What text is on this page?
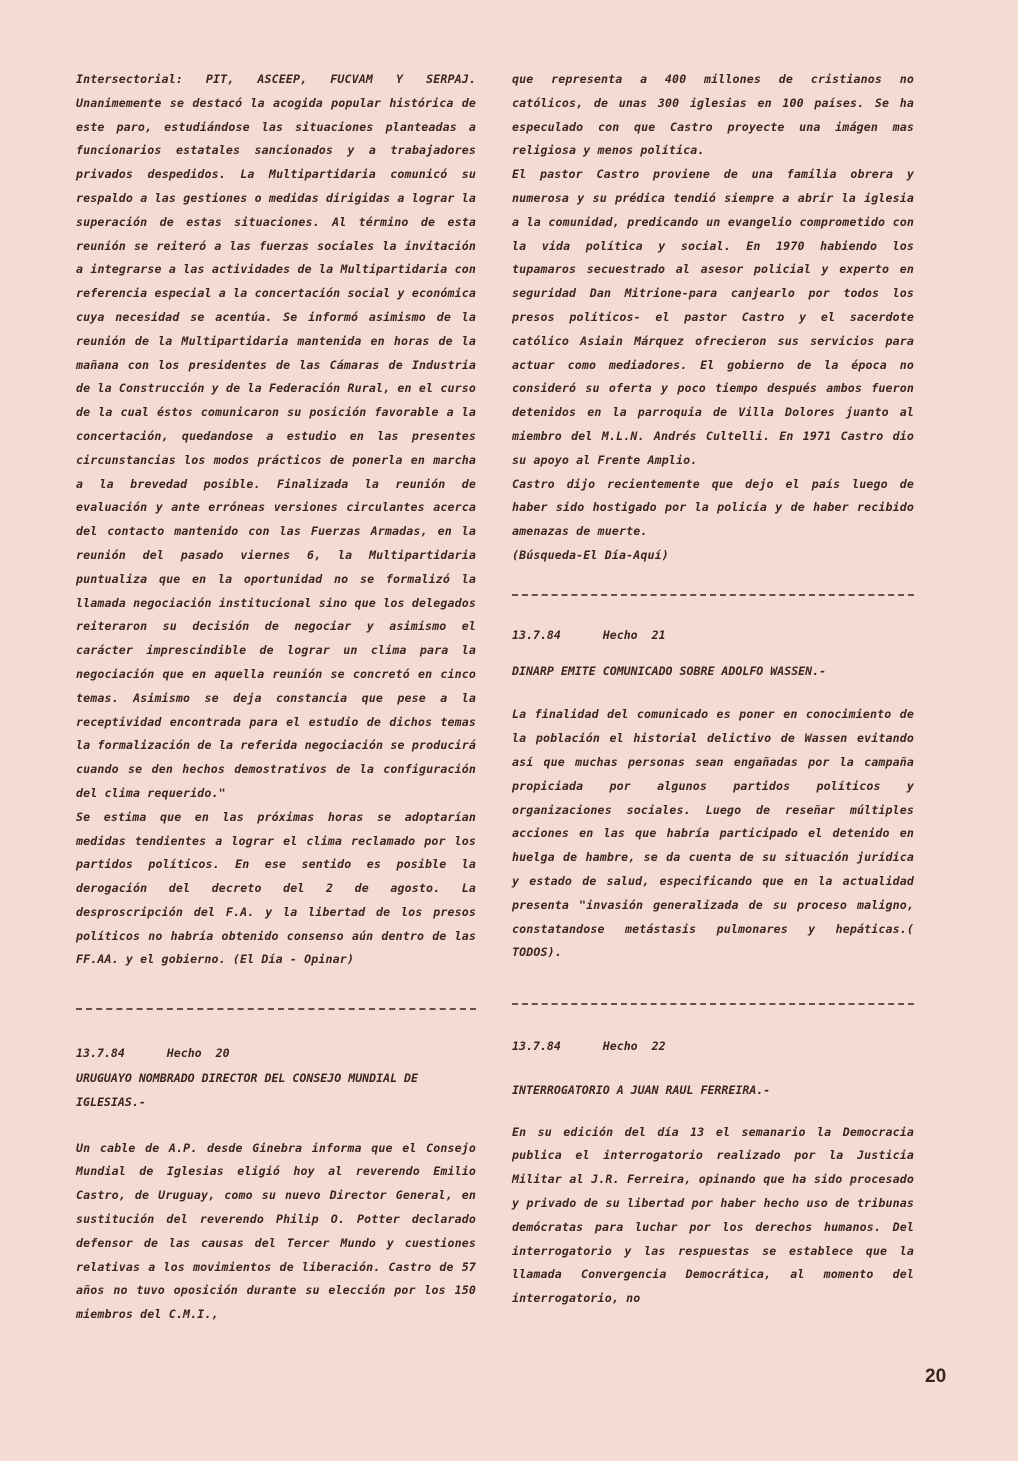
Intersectorial: PIT, ASCEEP, FUCVAM Y SERPAJ. Unanimemente se destacó la acogida popular histórica de este paro, estudiándose las situaciones planteadas a funcionarios estatales sancionados y a trabajadores privados despedidos. La Multipartidaria comunicó su respaldo a las gestiones o medidas dirigidas a lograr la superación de estas situaciones. Al término de esta reunión se reiteró a las fuerzas sociales la invitación a integrarse a las actividades de la Multipartidaria con referencia especial a la concertación social y económica cuya necesidad se acentúa. Se informó asimismo de la reunión de la Multipartidaria mantenida en horas de la mañana con los presidentes de las Cámaras de Industria de la Construcción y de la Federación Rural, en el curso de la cual éstos comunicaron su posición favorable a la concertación, quedandose a estudio en las presentes circunstancias los modos prácticos de ponerla en marcha a la brevedad posible. Finalizada la reunión de evaluación y ante erróneas versiones circulantes acerca del contacto mantenido con las Fuerzas Armadas, en la reunión del pasado viernes 6, la Multipartidaria puntualiza que en la oportunidad no se formalizó la llamada negociación institucional sino que los delegados reiteraron su decisión de negociar y asimismo el carácter imprescindible de lograr un clima para la negociación que en aquella reunión se concretó en cinco temas. Asimismo se deja constancia que pese a la receptividad encontrada para el estudio de dichos temas la formalización de la referida negociación se producirá cuando se den hechos demostrativos de la configuración del clima requerido."

Se estima que en las próximas horas se adoptarían medidas tendientes a lograr el clima reclamado por los partidos políticos. En ese sentido es posible la derogación del decreto del 2 de agosto. La desproscripción del F.A. y la libertad de los presos políticos no habría obtenido consenso aún dentro de las FF.AA. y el gobierno. (El Día - Opinar)

13.7.84	Hecho  20
URUGUAYO NOMBRADO DIRECTOR DEL CONSEJO MUNDIAL DE IGLESIAS.-

Un cable de A.P. desde Ginebra informa que el Consejo Mundial de Iglesias eligió hoy al reverendo Emilio Castro, de Uruguay, como su nuevo Director General, en sustitución del reverendo Philip O. Potter declarado defensor de las causas del Tercer Mundo y cuestiones relativas a los movimientos de liberación. Castro de 57 años no tuvo oposición durante su elección por los 150 miembros del C.M.I.,

que representa a 400 millones de cristianos no católicos, de unas 300 iglesias en 100 países. Se ha especulado con que Castro proyecte una imágen mas religiosa y menos política.

El pastor Castro proviene de una familia obrera y numerosa y su prédica tendió siempre a abrir la iglesia a la comunidad, predicando un evangelio comprometido con la vida política y social. En 1970 habiendo los tupamaros secuestrado al asesor policial y experto en seguridad Dan Mitrione-para canjearlo por todos los presos políticos- el pastor Castro y el sacerdote católico Asiain Márquez ofrecieron sus servicios para actuar como mediadores. El gobierno de la época no consideró su oferta y poco tiempo después ambos fueron detenidos en la parroquia de Villa Dolores juanto al miembro del M.L.N. Andrés Cultelli. En 1971 Castro dio su apoyo al Frente Amplio.

Castro dijo recientemente que dejo el país luego de haber sido hostigado por la policía y de haber recibido amenazas de muerte.

(Búsqueda-El Día-Aquí)

13.7.84	Hecho  21
DINARP EMITE COMUNICADO SOBRE ADOLFO WASSEN.-

La finalidad del comunicado es poner en conocimiento de la población el historial delictivo de Wassen evitando así que muchas personas sean engañadas por la campaña propiciada por algunos partidos políticos y organizaciones sociales. Luego de reseñar múltiples acciones en las que habría participado el detenido en huelga de hambre, se da cuenta de su situación jurídica y estado de salud, especificando que en la actualidad presenta "invasión generalizada de su proceso maligno, constatandose metástasis pulmonares y hepáticas.( TODOS).

13.7.84	Hecho  22
INTERROGATORIO A JUAN RAUL FERREIRA.-

En su edición del día 13 el semanario la Democracia publica el interrogatorio realizado por la Justicia Militar al J.R. Ferreira, opinando que ha sido procesado y privado de su libertad por haber hecho uso de tribunas demócratas para luchar por los derechos humanos. Del interrogatorio y las respuestas se establece que la llamada Convergencia Democrática, al momento del interrogatorio, no

20
